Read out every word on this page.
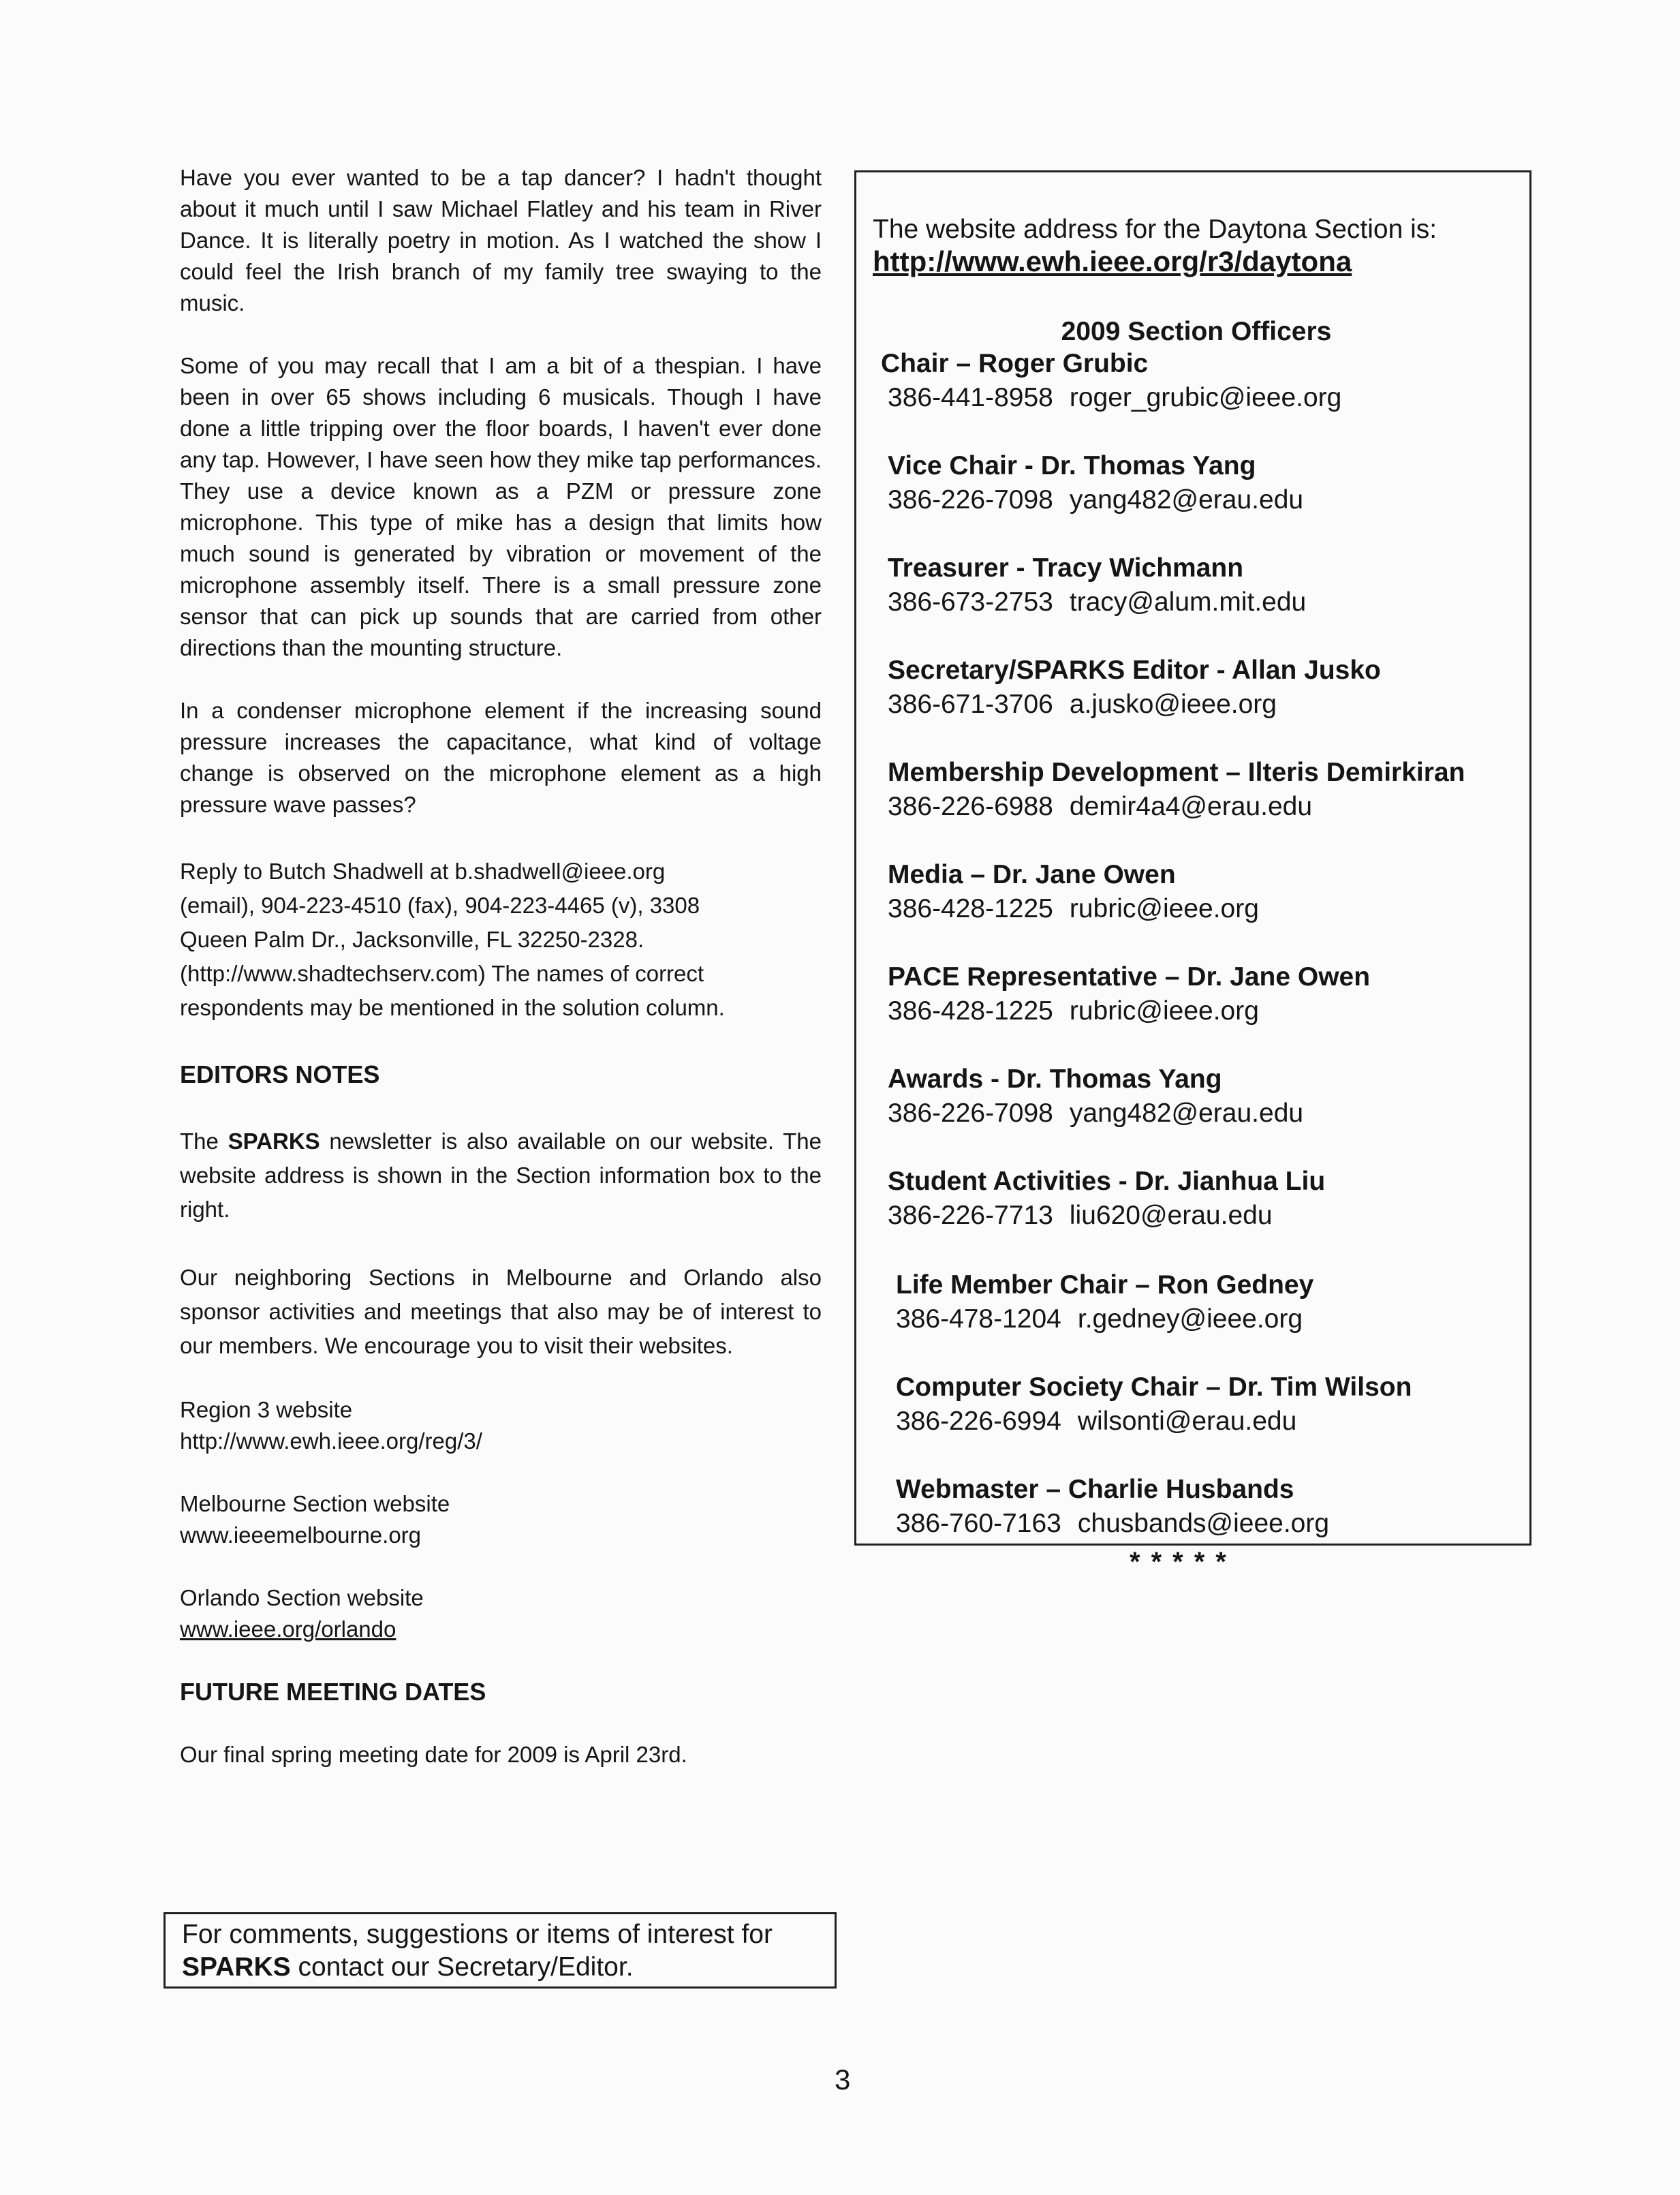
Have you ever wanted to be a tap dancer? I hadn't thought about it much until I saw Michael Flatley and his team in River Dance. It is literally poetry in motion. As I watched the show I could feel the Irish branch of my family tree swaying to the music.

Some of you may recall that I am a bit of a thespian. I have been in over 65 shows including 6 musicals. Though I have done a little tripping over the floor boards, I haven't ever done any tap. However, I have seen how they mike tap performances. They use a device known as a PZM or pressure zone microphone. This type of mike has a design that limits how much sound is generated by vibration or movement of the microphone assembly itself. There is a small pressure zone sensor that can pick up sounds that are carried from other directions than the mounting structure.

In a condenser microphone element if the increasing sound pressure increases the capacitance, what kind of voltage change is observed on the microphone element as a high pressure wave passes?

Reply to Butch Shadwell at b.shadwell@ieee.org
(email), 904-223-4510 (fax), 904-223-4465 (v), 3308
Queen Palm Dr., Jacksonville, FL 32250-2328.
(http://www.shadtechserv.com) The names of correct
respondents may be mentioned in the solution column.

EDITORS NOTES

The SPARKS newsletter is also available on our website. The website address is shown in the Section information box to the right.

Our neighboring Sections in Melbourne and Orlando also sponsor activities and meetings that also may be of interest to our members. We encourage you to visit their websites.

Region 3 website
http://www.ewh.ieee.org/reg/3/
Melbourne Section website
www.ieeemelbourne.org
Orlando Section website
www.ieee.org/orlando

FUTURE MEETING DATES

Our final spring meeting date for 2009 is April 23rd.

The website address for the Daytona Section is:
http://www.ewh.ieee.org/r3/daytona
2009 Section Officers
Chair – Roger Grubic
386-441-8958 roger_grubic@ieee.org
Vice Chair - Dr. Thomas Yang
386-226-7098 yang482@erau.edu
Treasurer - Tracy Wichmann
386-673-2753 tracy@alum.mit.edu
Secretary/SPARKS Editor - Allan Jusko
386-671-3706 a.jusko@ieee.org
Membership Development – Ilteris Demirkiran
386-226-6988 demir4a4@erau.edu
Media – Dr. Jane Owen
386-428-1225 rubric@ieee.org
PACE Representative – Dr. Jane Owen
386-428-1225 rubric@ieee.org
Awards - Dr. Thomas Yang
386-226-7098 yang482@erau.edu
Student Activities - Dr. Jianhua Liu
386-226-7713 liu620@erau.edu
Life Member Chair – Ron Gedney
386-478-1204 r.gedney@ieee.org
Computer Society Chair – Dr. Tim Wilson
386-226-6994 wilsonti@erau.edu
Webmaster – Charlie Husbands
386-760-7163 chusbands@ieee.org
*****
For comments, suggestions or items of interest for
SPARKS contact our Secretary/Editor.
3
